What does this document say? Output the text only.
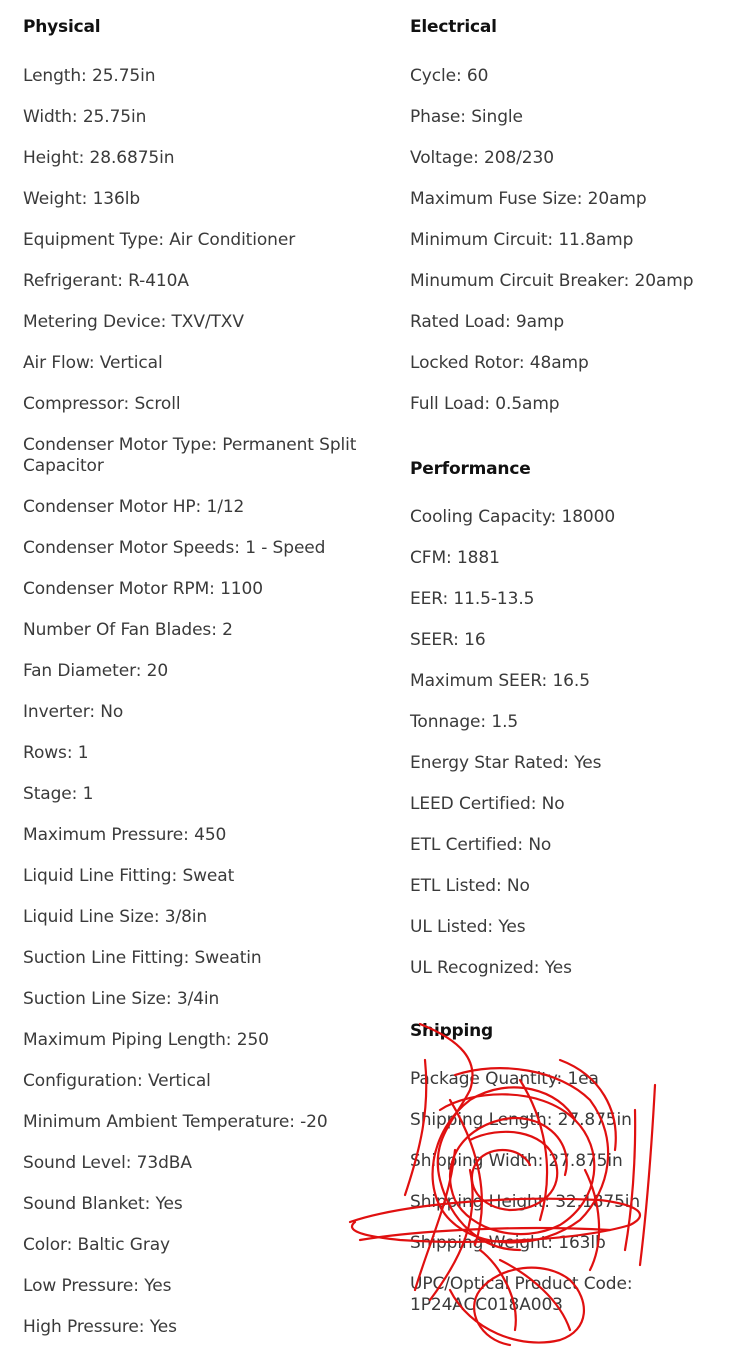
Physical
Length : 25.75in
Width : 25.75in
Height : 28.6875in
Weight : 136lb
Equipment Type : Air Conditioner
Refrigerant : R-410A
Metering Device : TXV/TXV
Air Flow : Vertical
Compressor : Scroll
Condenser Motor Type : Permanent Split Capacitor
Condenser Motor HP : 1/12
Condenser Motor Speeds : 1 - Speed
Condenser Motor RPM : 1100
Number Of Fan Blades : 2
Fan Diameter : 20
Inverter : No
Rows : 1
Stage : 1
Maximum Pressure : 450
Liquid Line Fitting : Sweat
Liquid Line Size : 3/8in
Suction Line Fitting : Sweatin
Suction Line Size : 3/4in
Maximum Piping Length : 250
Configuration : Vertical
Minimum Ambient Temperature : -20
Sound Level : 73dBA
Sound Blanket : Yes
Color : Baltic Gray
Low Pressure : Yes
High Pressure : Yes
Electrical
Cycle : 60
Phase : Single
Voltage : 208/230
Maximum Fuse Size : 20amp
Minimum Circuit : 11.8amp
Minumum Circuit Breaker : 20amp
Rated Load : 9amp
Locked Rotor : 48amp
Full Load : 0.5amp
Performance
Cooling Capacity : 18000
CFM : 1881
EER : 11.5-13.5
SEER : 16
Maximum SEER : 16.5
Tonnage : 1.5
Energy Star Rated : Yes
LEED Certified : No
ETL Certified : No
ETL Listed : No
UL Listed : Yes
UL Recognized : Yes
Shipping
Package Quantity : 1ea
Shipping Length : 27.875in
Shipping Width : 27.875in
Shipping Height : 32.1875in
Shipping Weight : 163lb
UPC/Optical Product Code : 1P24ACC018A003
